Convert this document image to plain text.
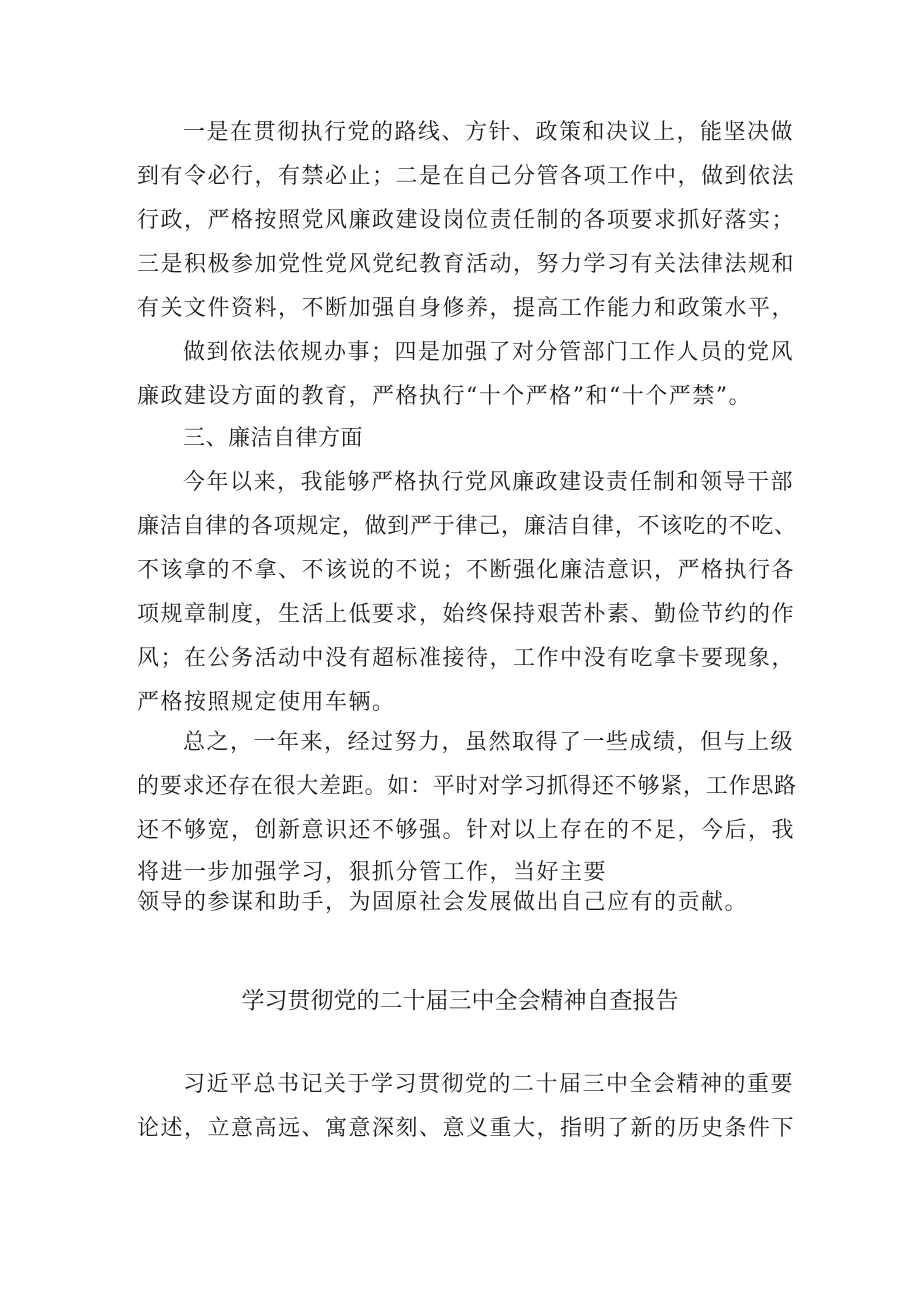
一是在贯彻执行党的路线、方针、政策和决议上，能坚决做
到有令必行，有禁必止；二是在自己分管各项工作中，做到依法
行政，严格按照党风廉政建设岗位责任制的各项要求抓好落实；
三是积极参加党性党风党纪教育活动，努力学习有关法律法规和
有关文件资料，不断加强自身修养，提高工作能力和政策水平，
做到依法依规办事；四是加强了对分管部门工作人员的党风
廉政建设方面的教育，严格执行“十个严格”和“十个严禁”。
三、廉洁自律方面
今年以来，我能够严格执行党风廉政建设责任制和领导干部
廉洁自律的各项规定，做到严于律己，廉洁自律，不该吃的不吃、
不该拿的不拿、不该说的不说；不断强化廉洁意识，严格执行各
项规章制度，生活上低要求，始终保持艰苦朴素、勤俭节约的作
风；在公务活动中没有超标准接待，工作中没有吃拿卡要现象，
严格按照规定使用车辆。
总之，一年来，经过努力，虽然取得了一些成绩，但与上级
的要求还存在很大差距。如：平时对学习抓得还不够紧，工作思路
还不够宽，创新意识还不够强。针对以上存在的不足，今后，我
将进一步加强学习，狠抓分管工作，当好主要
领导的参谋和助手，为固原社会发展做出自己应有的贡献。
学习贯彻党的二十届三中全会精神自查报告
习近平总书记关于学习贯彻党的二十届三中全会精神的重要
论述，立意高远、寓意深刻、意义重大，指明了新的历史条件下
